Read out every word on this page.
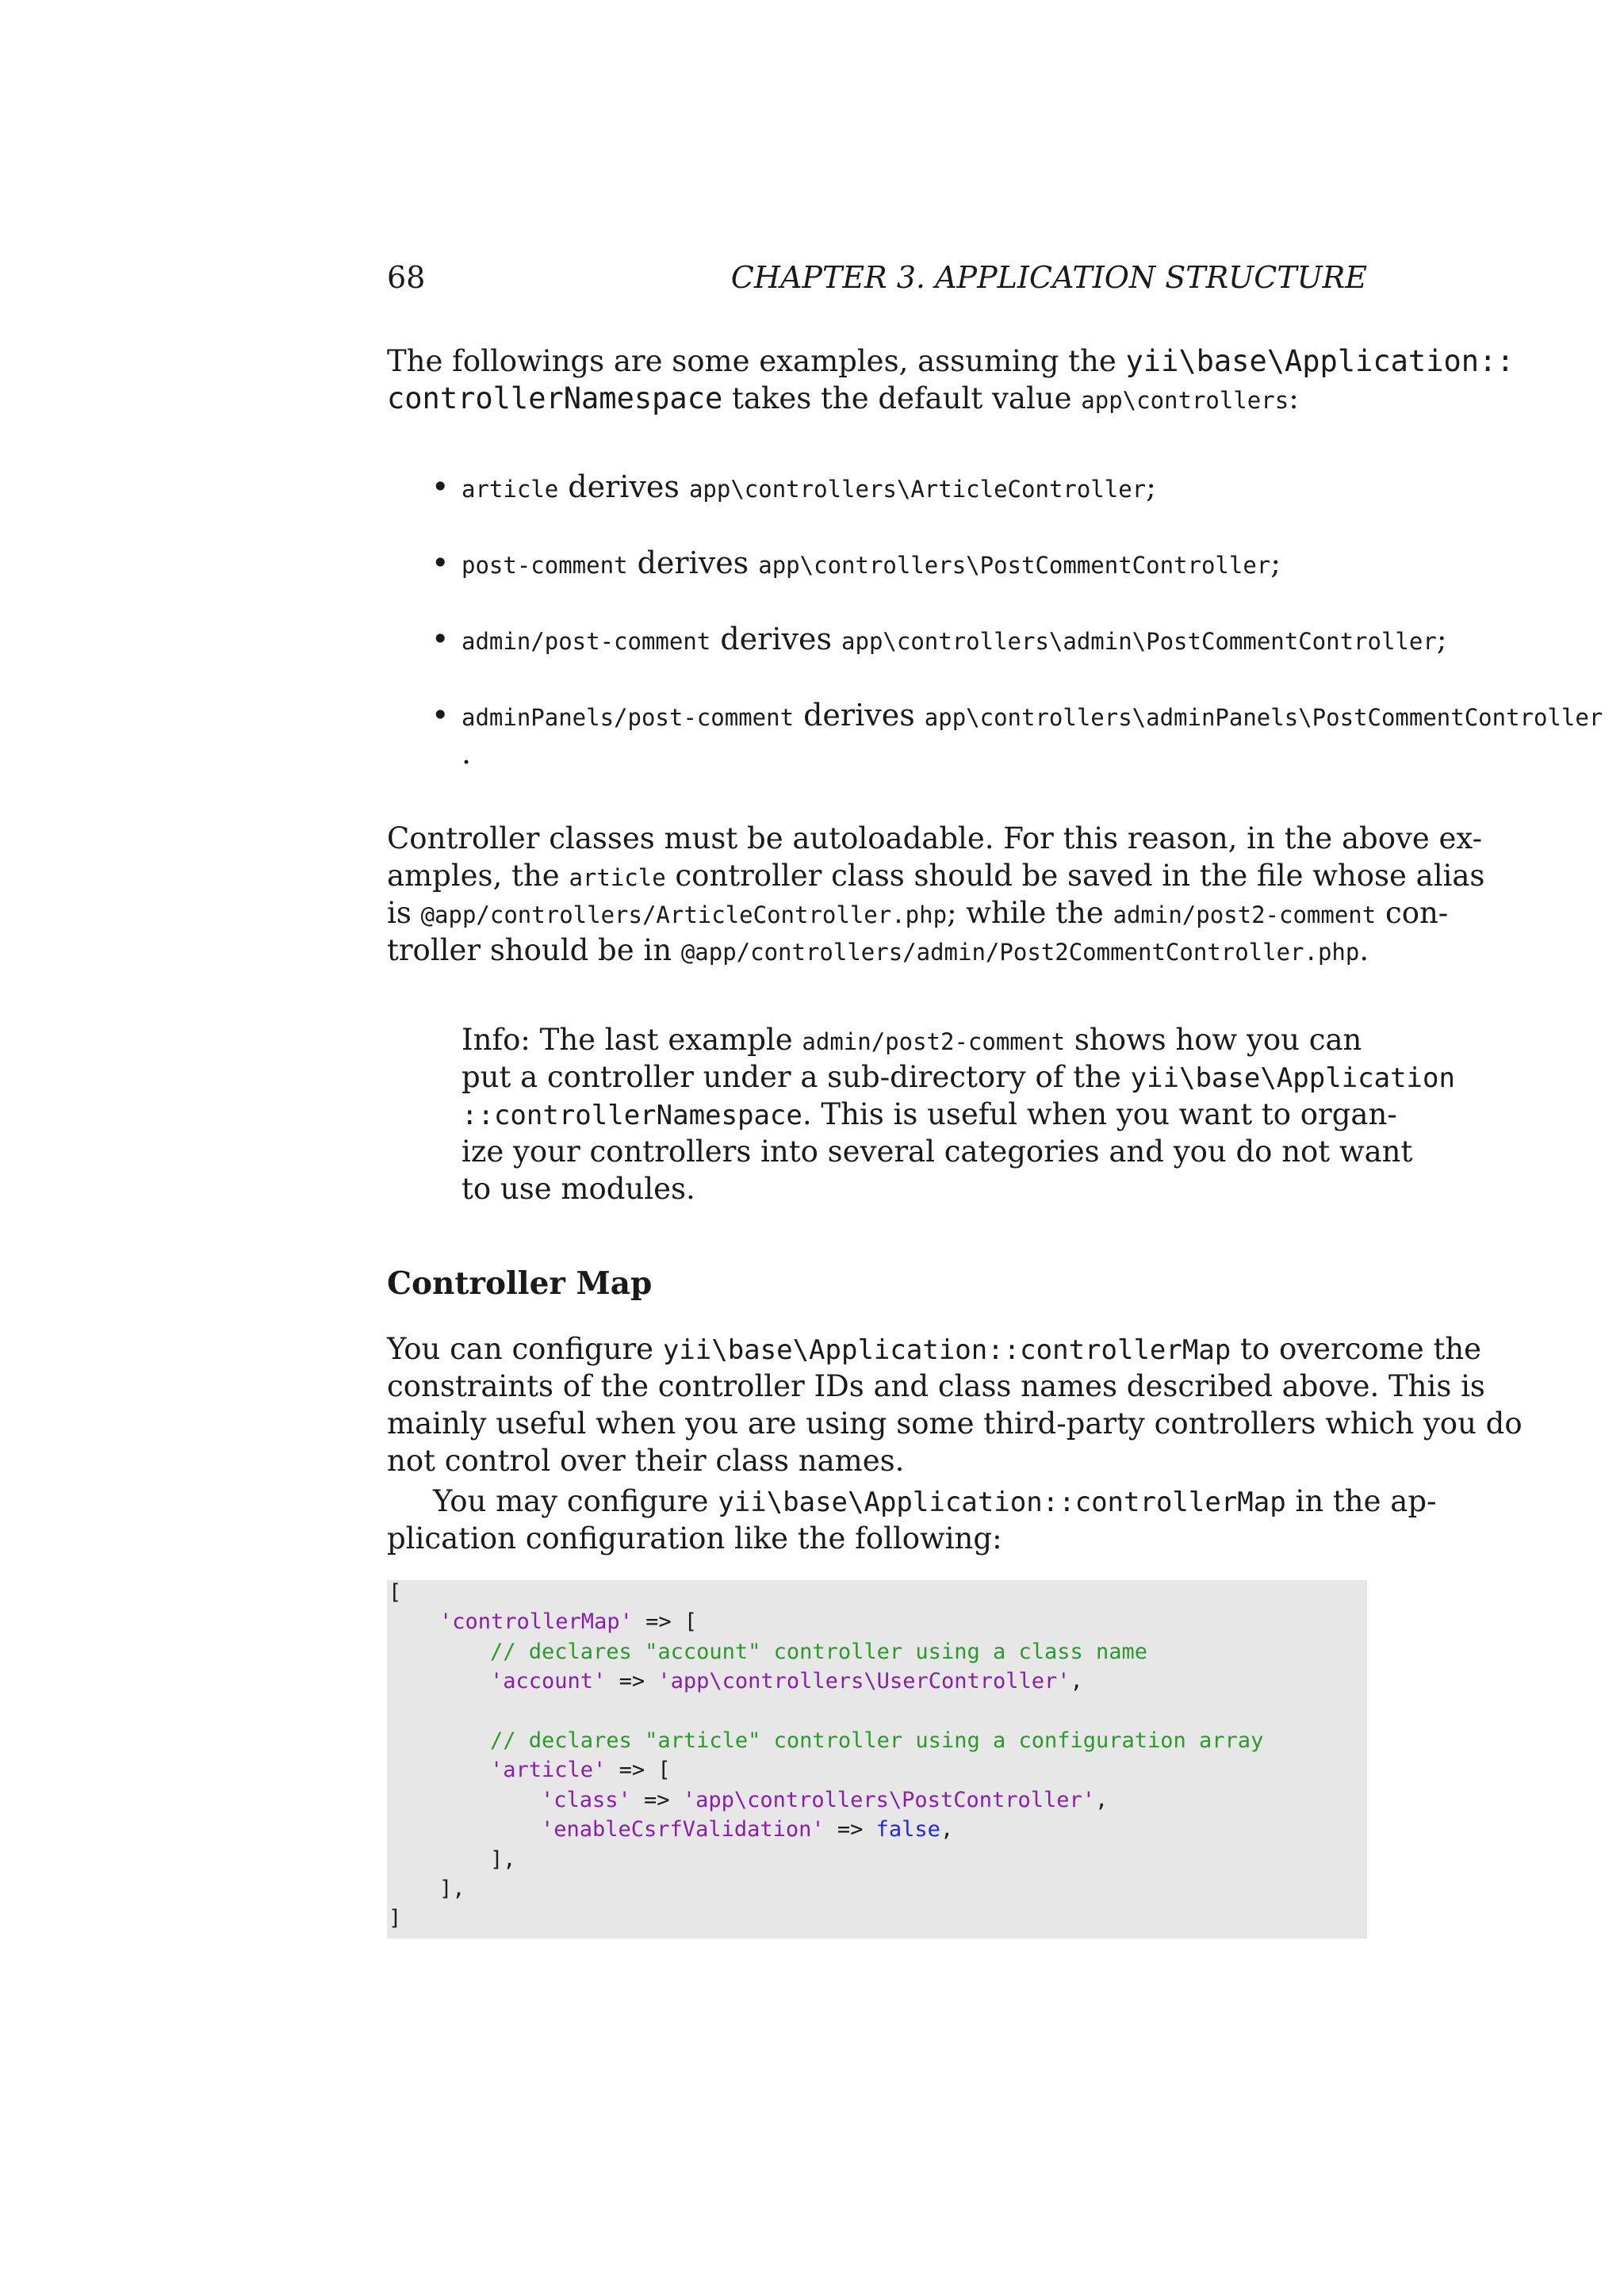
68	CHAPTER 3. APPLICATION STRUCTURE
The followings are some examples, assuming the yii\base\Application::
controllerNamespace takes the default value app\controllers:
• article derives app\controllers\ArticleController;
• post-comment derives app\controllers\PostCommentController;
• admin/post-comment derives app\controllers\admin\PostCommentController;
• adminPanels/post-comment derives app\controllers\adminPanels\PostCommentController
.
Controller classes must be autoloadable. For this reason, in the above ex-
amples, the article controller class should be saved in the file whose alias
is @app/controllers/ArticleController.php; while the admin/post2-comment con-
troller should be in @app/controllers/admin/Post2CommentController.php.
Info: The last example admin/post2-comment shows how you can
put a controller under a sub-directory of the yii\base\Application
::controllerNamespace. This is useful when you want to organ-
ize your controllers into several categories and you do not want
to use modules.
Controller Map
You can configure yii\base\Application::controllerMap to overcome the
constraints of the controller IDs and class names described above. This is
mainly useful when you are using some third-party controllers which you do
not control over their class names.
You may configure yii\base\Application::controllerMap in the ap-
plication configuration like the following:
[
'controllerMap' => [
// declares "account" controller using a class name
'account' => 'app\controllers\UserController',
// declares "article" controller using a configuration array
'article' => [
'class' => 'app\controllers\PostController',
'enableCsrfValidation' => false,
],
],
]
